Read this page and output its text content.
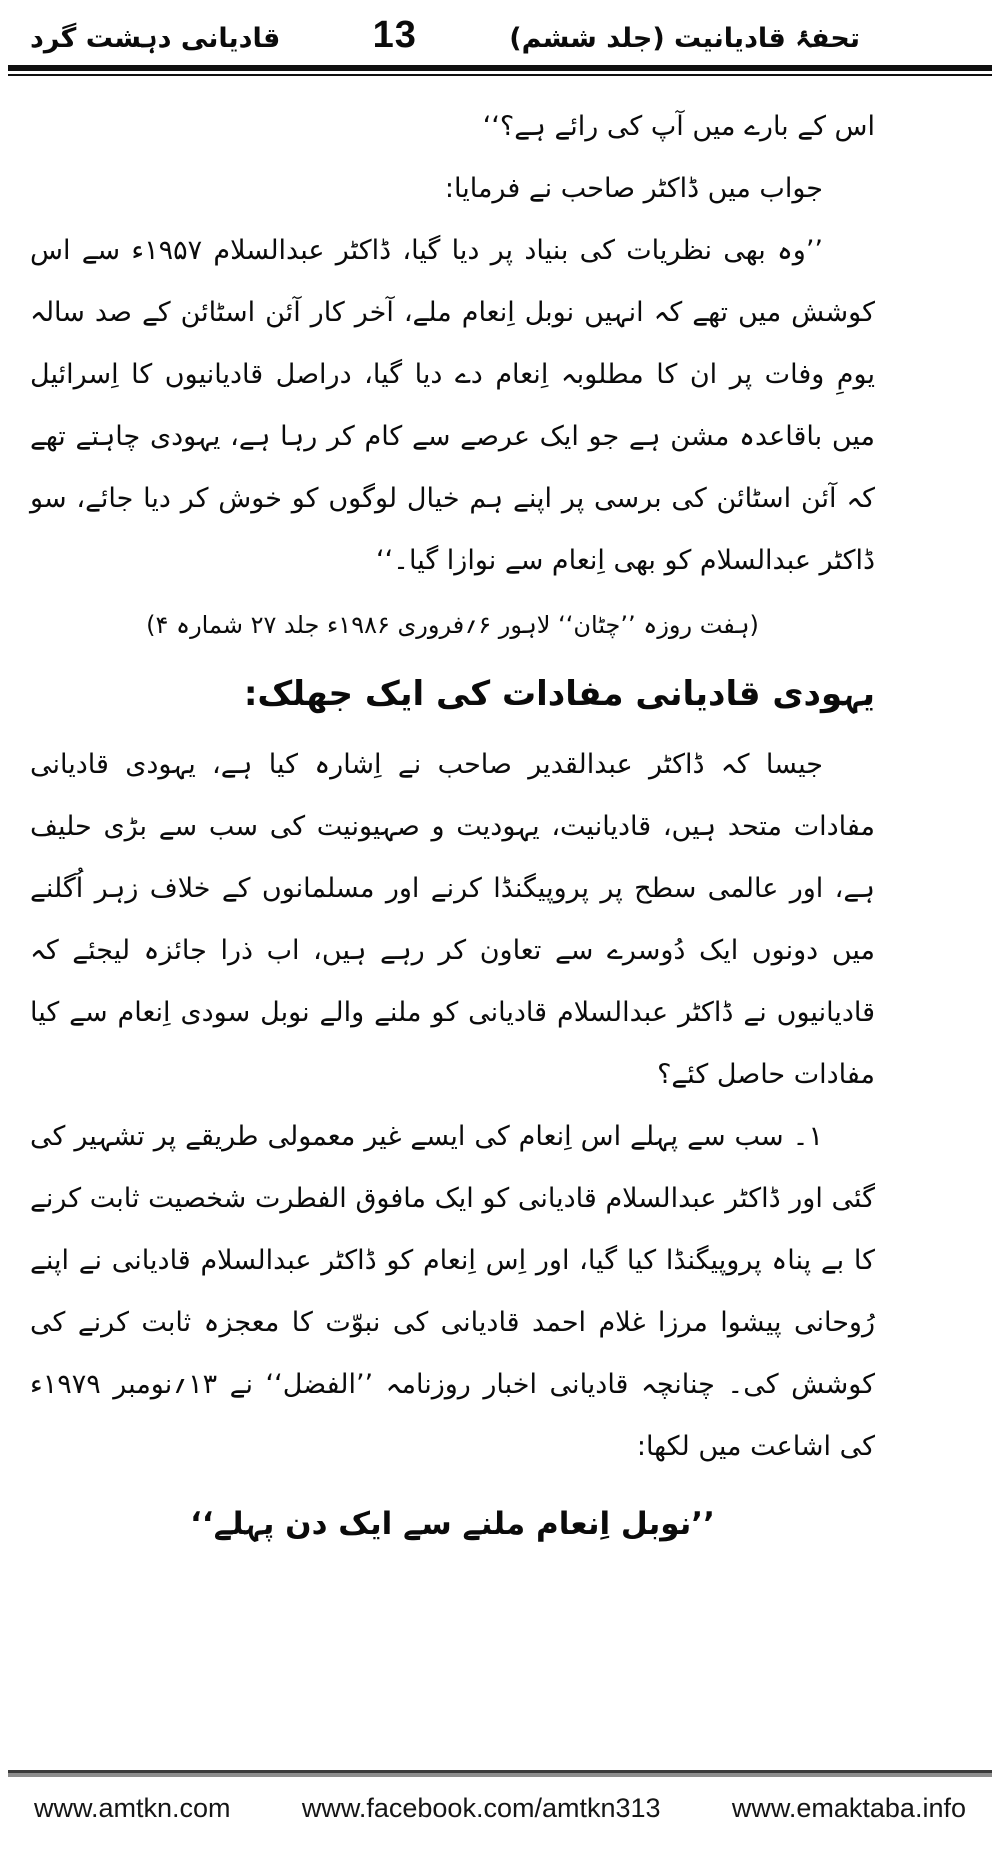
تحفۂ قادیانیت (جلد ششم)
13
قادیانی دہشت گرد

اس کے بارے میں آپ کی رائے ہے؟‘‘

جواب میں ڈاکٹر صاحب نے فرمایا:

’’وہ بھی نظریات کی بنیاد پر دیا گیا، ڈاکٹر عبدالسلام ۱۹۵۷ء سے اس کوشش میں تھے کہ انہیں نوبل اِنعام ملے، آخر کار آئن اسٹائن کے صد سالہ یومِ وفات پر ان کا مطلوبہ اِنعام دے دیا گیا، دراصل قادیانیوں کا اِسرائیل میں باقاعدہ مشن ہے جو ایک عرصے سے کام کر رہا ہے، یہودی چاہتے تھے کہ آئن اسٹائن کی برسی پر اپنے ہم خیال لوگوں کو خوش کر دیا جائے، سو ڈاکٹر عبدالسلام کو بھی اِنعام سے نوازا گیا۔‘‘

(ہفت روزہ ’’چٹان‘‘ لاہور ۶؍فروری ۱۹۸۶ء جلد ۲۷ شمارہ ۴)

یہودی قادیانی مفادات کی ایک جھلک:

جیسا کہ ڈاکٹر عبدالقدیر صاحب نے اِشارہ کیا ہے، یہودی قادیانی مفادات متحد ہیں، قادیانیت، یہودیت و صہیونیت کی سب سے بڑی حلیف ہے، اور عالمی سطح پر پروپیگنڈا کرنے اور مسلمانوں کے خلاف زہر اُگلنے میں دونوں ایک دُوسرے سے تعاون کر رہے ہیں، اب ذرا جائزہ لیجئے کہ قادیانیوں نے ڈاکٹر عبدالسلام قادیانی کو ملنے والے نوبل سودی اِنعام سے کیا مفادات حاصل کئے؟

۱۔ سب سے پہلے اس اِنعام کی ایسے غیر معمولی طریقے پر تشہیر کی گئی اور ڈاکٹر عبدالسلام قادیانی کو ایک مافوق الفطرت شخصیت ثابت کرنے کا بے پناہ پروپیگنڈا کیا گیا، اور اِس اِنعام کو ڈاکٹر عبدالسلام قادیانی نے اپنے رُوحانی پیشوا مرزا غلام احمد قادیانی کی نبوّت کا معجزہ ثابت کرنے کی کوشش کی۔ چنانچہ قادیانی اخبار روزنامہ ’’الفضل‘‘ نے ۱۳؍نومبر ۱۹۷۹ء کی اشاعت میں لکھا:

’’نوبل اِنعام ملنے سے ایک دن پہلے‘‘

www.amtkn.com	www.facebook.com/amtkn313	www.emaktaba.info
